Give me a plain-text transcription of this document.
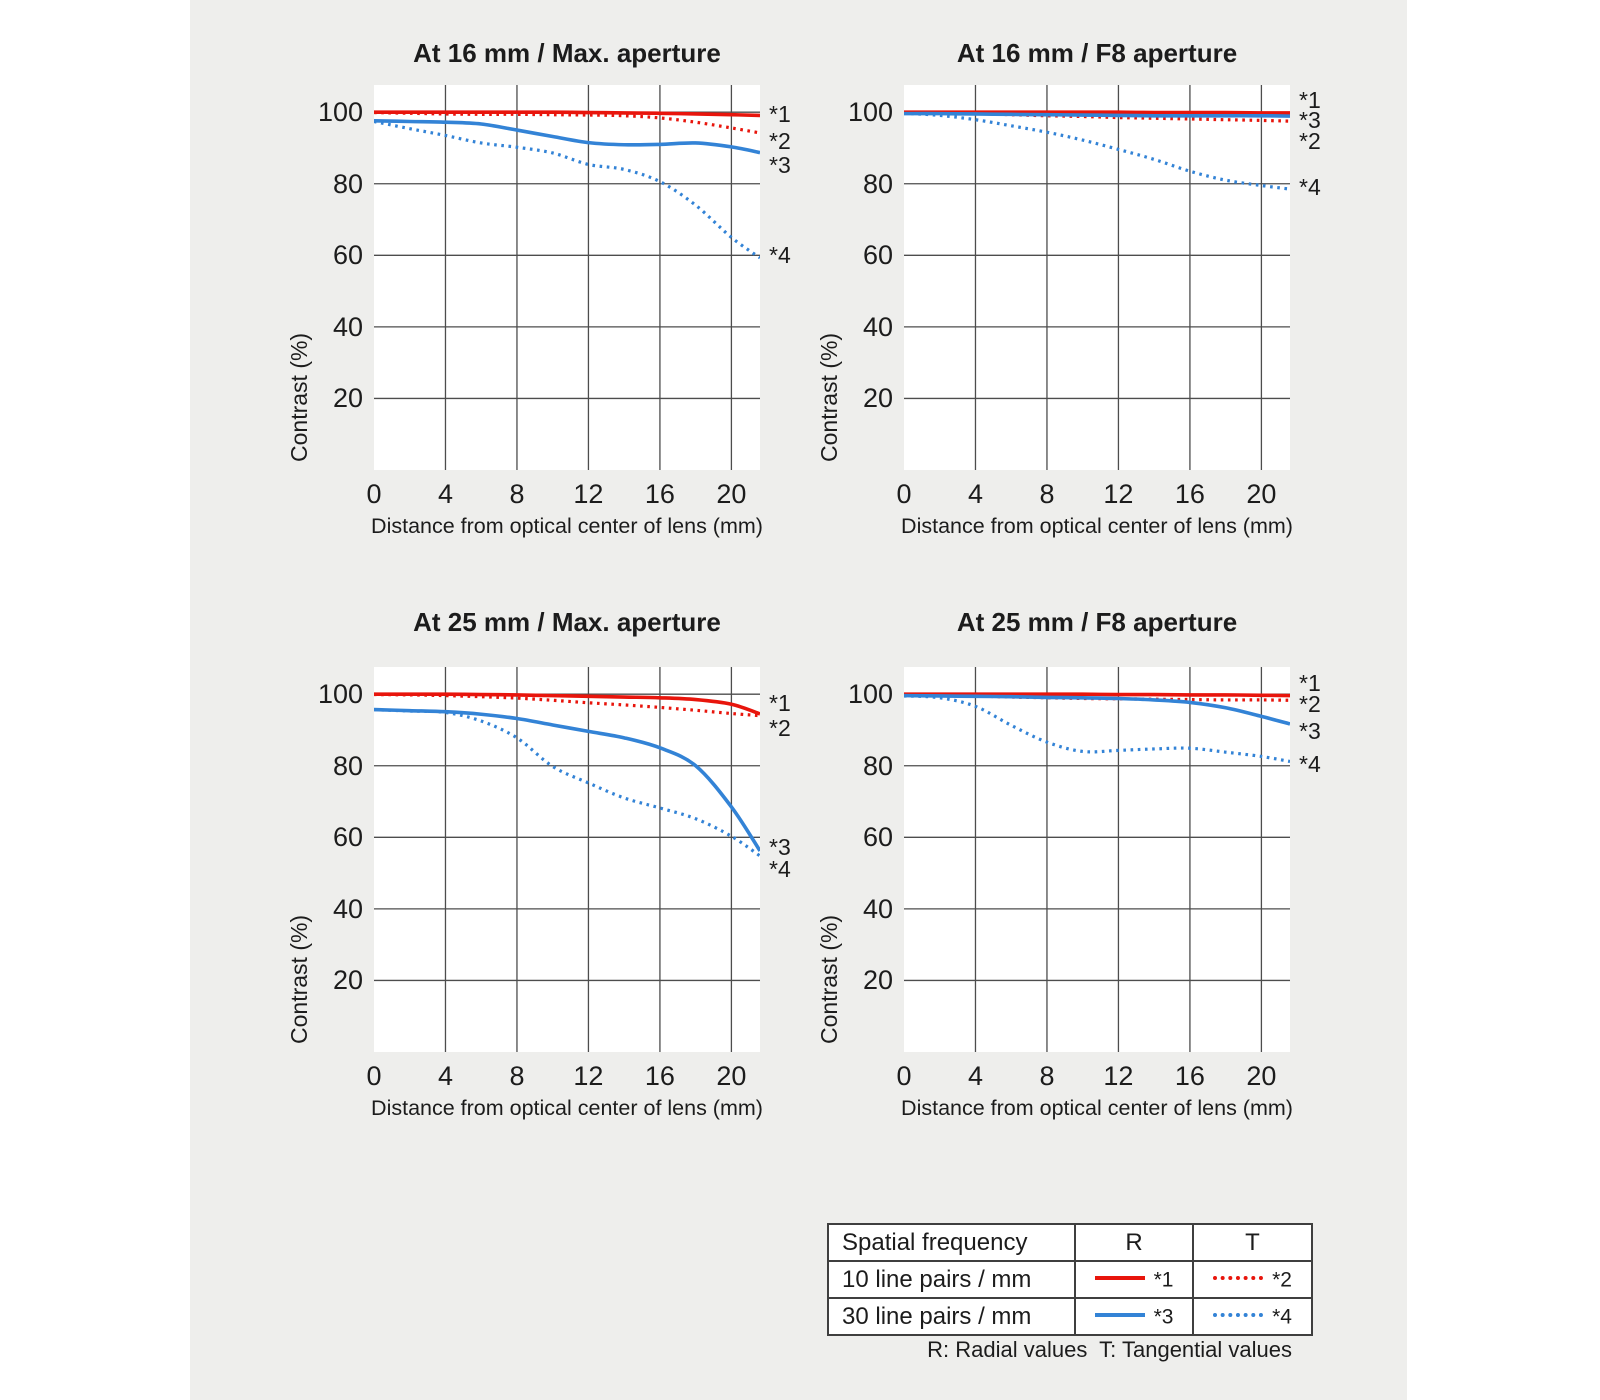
At 16 mm / Max. aperture
Contrast (%)
Distance from optical center of lens (mm)
100
80
60
40
20
0	4	8	12	16	20
*1
*2
*3
*4
At 16 mm / F8 aperture
Contrast (%)
Distance from optical center of lens (mm)
100
80
60
40
20
0	4	8	12	16	20
*1
*2
*3
*4
At 25 mm / Max. aperture
Contrast (%)
Distance from optical center of lens (mm)
100
80
60
40
20
0	4	8	12	16	20
*1
*2
*3
*4
At 25 mm / F8 aperture
Contrast (%)
Distance from optical center of lens (mm)
100
80
60
40
20
0	4	8	12	16	20
*1
*2
*3
*4
Spatial frequency	R	T
10 line pairs / mm	*1	*2
30 line pairs / mm	*3	*4
R: Radial values  T: Tangential values
